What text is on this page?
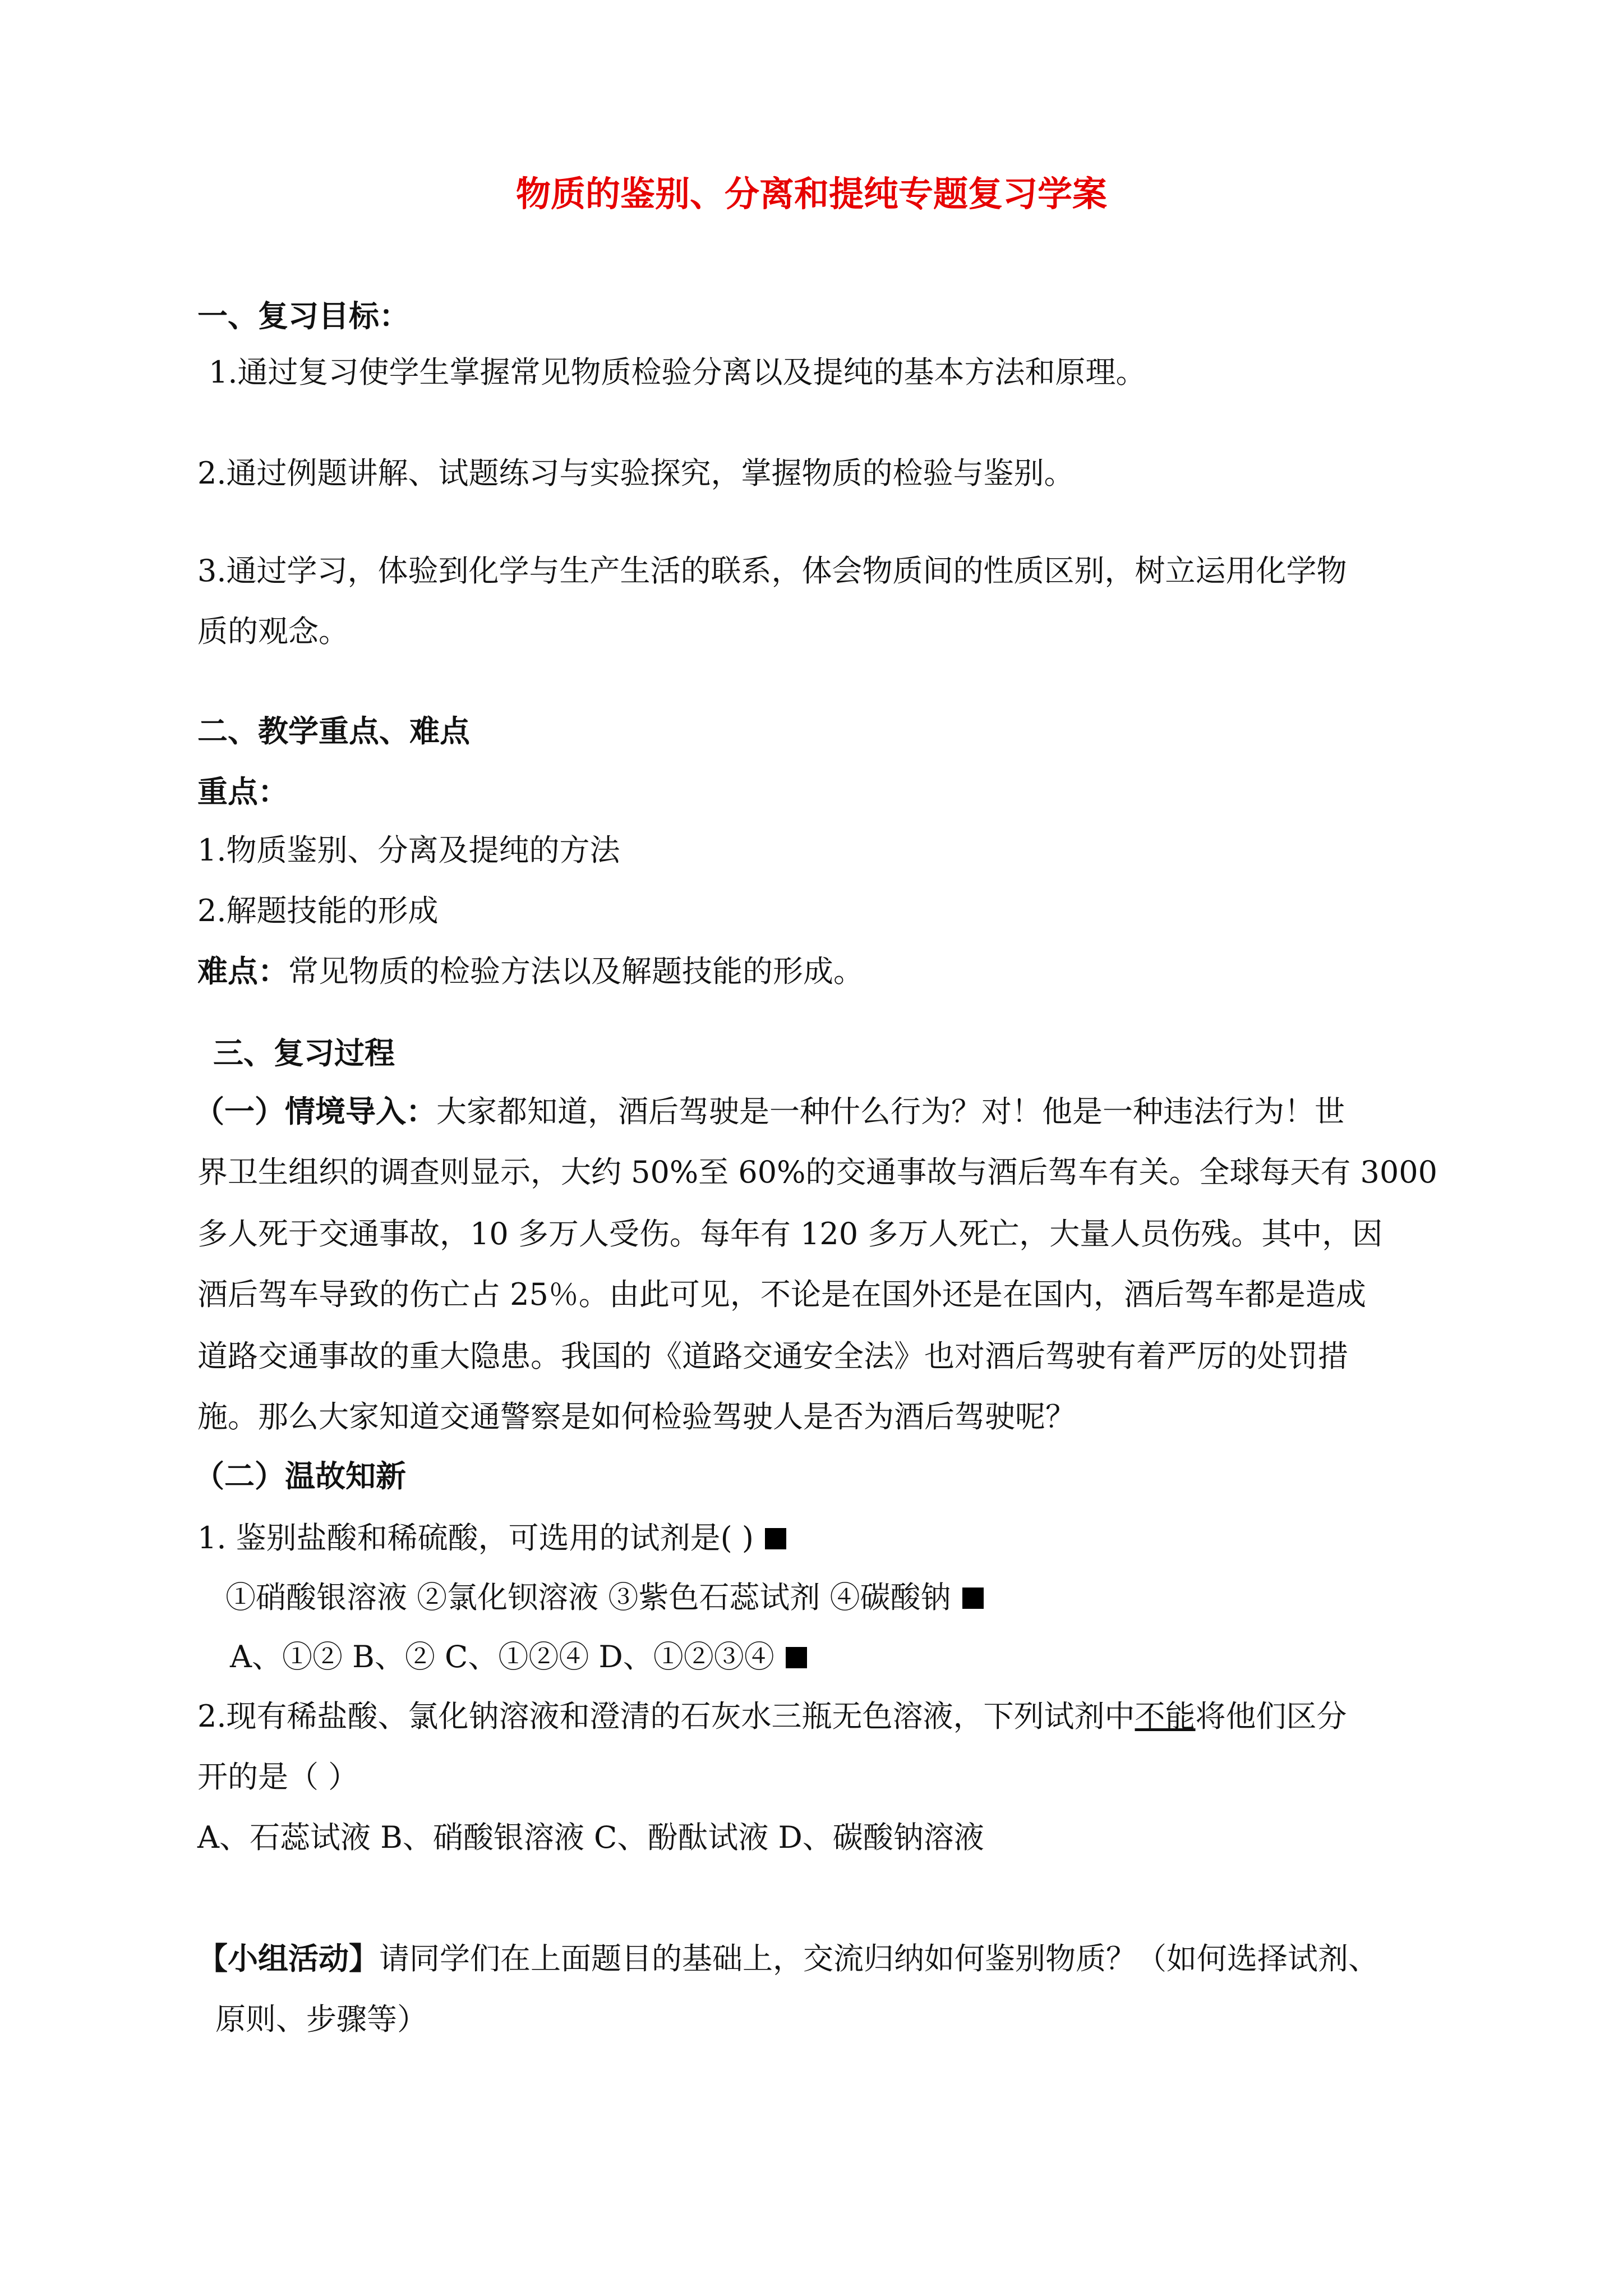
物质的鉴别、分离和提纯专题复习学案
一、复习目标：
1.通过复习使学生掌握常见物质检验分离以及提纯的基本方法和原理。
2.通过例题讲解、试题练习与实验探究，掌握物质的检验与鉴别。
3.通过学习，体验到化学与生产生活的联系，体会物质间的性质区别，树立运用化学物
质的观念。
二、教学重点、难点
重点：
1.物质鉴别、分离及提纯的方法
2.解题技能的形成
难点：常见物质的检验方法以及解题技能的形成。
三、复习过程
（一）情境导入：大家都知道，酒后驾驶是一种什么行为？对！他是一种违法行为！世
界卫生组织的调查则显示，大约 50%至 60%的交通事故与酒后驾车有关。全球每天有 3000
多人死于交通事故，10 多万人受伤。每年有 120 多万人死亡，大量人员伤残。其中，因
酒后驾车导致的伤亡占 25％。由此可见，不论是在国外还是在国内，酒后驾车都是造成
道路交通事故的重大隐患。我国的《道路交通安全法》也对酒后驾驶有着严厉的处罚措
施。那么大家知道交通警察是如何检验驾驶人是否为酒后驾驶呢？
（二）温故知新
1. 鉴别盐酸和稀硫酸，可选用的试剂是( )
①硝酸银溶液 ②氯化钡溶液 ③紫色石蕊试剂 ④碳酸钠
A、①② B、② C、①②④ D、①②③④
2.现有稀盐酸、氯化钠溶液和澄清的石灰水三瓶无色溶液，下列试剂中不能将他们区分
开的是（ ）
A、石蕊试液 B、硝酸银溶液 C、酚酞试液 D、碳酸钠溶液
【小组活动】请同学们在上面题目的基础上，交流归纳如何鉴别物质？（如何选择试剂、
原则、步骤等）
